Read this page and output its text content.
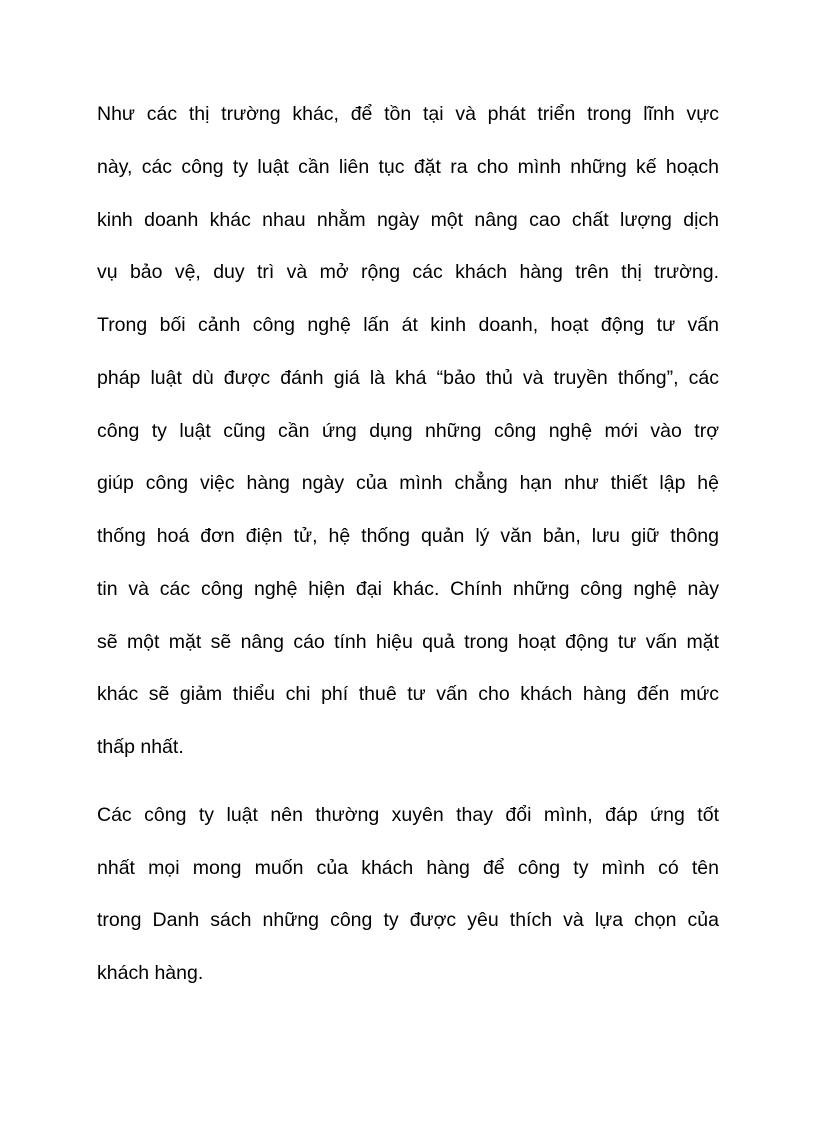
Như các thị trường khác, để tồn tại và phát triển trong lĩnh vực
này, các công ty luật cần liên tục đặt ra cho mình những kế hoạch
kinh doanh khác nhau nhằm ngày một nâng cao chất lượng dịch
vụ bảo vệ, duy trì và mở rộng các khách hàng trên thị trường.
Trong bối cảnh công nghệ lấn át kinh doanh, hoạt động tư vấn
pháp luật dù được đánh giá là khá “bảo thủ và truyền thống”, các
công ty luật cũng cần ứng dụng những công nghệ mới vào trợ
giúp công việc hàng ngày của mình chẳng hạn như thiết lập hệ
thống hoá đơn điện tử, hệ thống quản lý văn bản, lưu giữ thông
tin và các công nghệ hiện đại khác. Chính những công nghệ này
sẽ một mặt sẽ nâng cáo tính hiệu quả trong hoạt động tư vấn mặt
khác sẽ giảm thiểu chi phí thuê tư vấn cho khách hàng đến mức
thấp nhất.
Các công ty luật nên thường xuyên thay đổi mình, đáp ứng tốt
nhất mọi mong muốn của khách hàng để công ty mình có tên
trong Danh sách những công ty được yêu thích và lựa chọn của
khách hàng.
